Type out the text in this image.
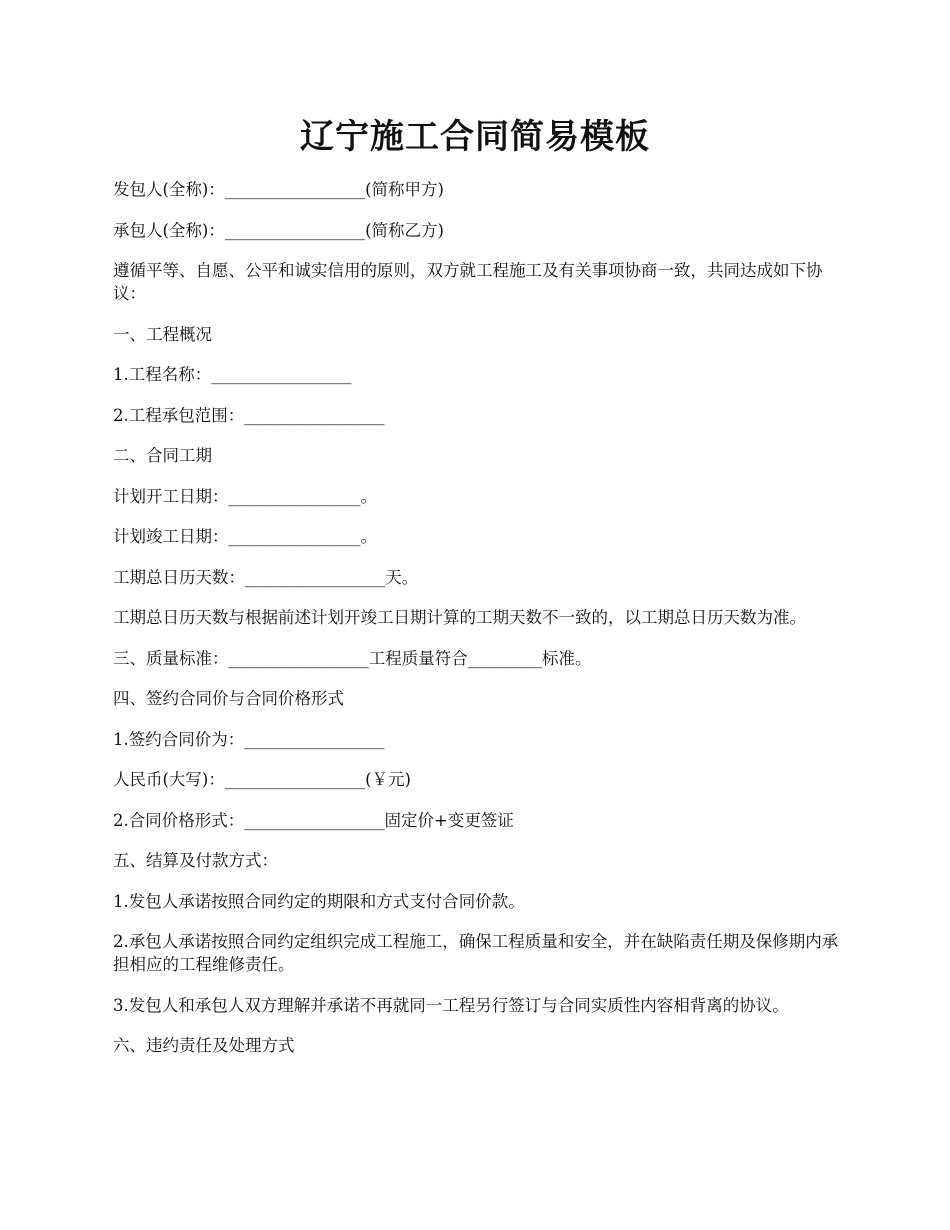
辽宁施工合同简易模板

发包人(全称)：_________________(简称甲方)

承包人(全称)：_________________(简称乙方)

遵循平等、自愿、公平和诚实信用的原则，双方就工程施工及有关事项协商一致，共同达成如下协议：

一、工程概况

1.工程名称：_________________

2.工程承包范围：_________________

二、合同工期

计划开工日期：________________。

计划竣工日期：________________。

工期总日历天数：_________________天。

工期总日历天数与根据前述计划开竣工日期计算的工期天数不一致的，以工期总日历天数为准。

三、质量标准：_________________工程质量符合_________标准。

四、签约合同价与合同价格形式

1.签约合同价为：_________________

人民币(大写)：_________________(￥元)

2.合同价格形式：_________________固定价+变更签证

五、结算及付款方式：

1.发包人承诺按照合同约定的期限和方式支付合同价款。

2.承包人承诺按照合同约定组织完成工程施工，确保工程质量和安全，并在缺陷责任期及保修期内承担相应的工程维修责任。

3.发包人和承包人双方理解并承诺不再就同一工程另行签订与合同实质性内容相背离的协议。

六、违约责任及处理方式
